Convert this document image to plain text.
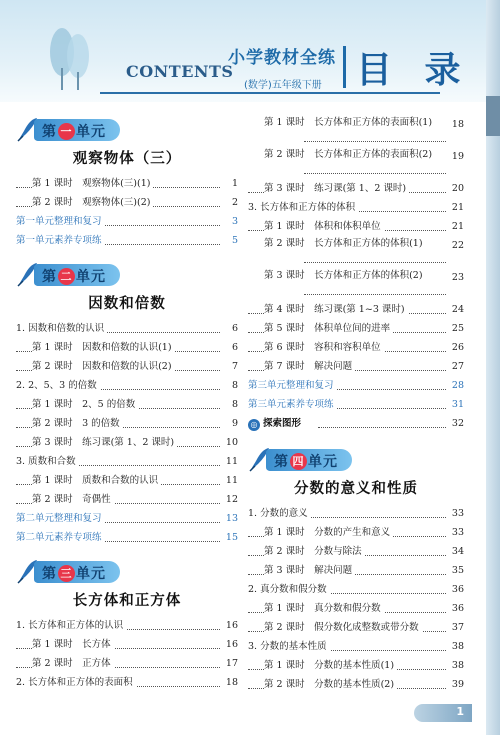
CONTENTS
小学教材全练
(数学)五年级下册 目 录
第 一 单元
观察物体（三）
第 1 课时　观察物体(三)(1)	1
第 2 课时　观察物体(三)(2)	2
第一单元整理和复习	3
第一单元素养专项练	5
第 二 单元
因数和倍数
1. 因数和倍数的认识	6
第 1 课时　因数和倍数的认识(1)	6
第 2 课时　因数和倍数的认识(2)	7
2. 2、5、3 的倍数	8
第 1 课时　2、5 的倍数	8
第 2 课时　3 的倍数	9
第 3 课时　练习课(第 1、2 课时)	10
3. 质数和合数	11
第 1 课时　质数和合数的认识	11
第 2 课时　奇偶性	12
第二单元整理和复习	13
第二单元素养专项练	15
第 三 单元
长方体和正方体
1. 长方体和正方体的认识	16
第 1 课时　长方体	16
第 2 课时　正方体	17
2. 长方体和正方体的表面积	18
第 1 课时　长方体和正方体的表面积(1)	18
第 2 课时　长方体和正方体的表面积(2)	19
第 3 课时　练习课(第 1、2 课时)	20
3. 长方体和正方体的体积	21
第 1 课时　体积和体积单位	21
第 2 课时　长方体和正方体的体积(1)	22
第 3 课时　长方体和正方体的体积(2)	23
第 4 课时　练习课(第 1~3 课时)	24
第 5 课时　体积单位间的进率	25
第 6 课时　容积和容积单位	26
第 7 课时　解决问题	27
第三单元整理和复习	28
第三单元素养专项练	31
◎ 探索图形	32
第 四 单元
分数的意义和性质
1. 分数的意义	33
第 1 课时　分数的产生和意义	33
第 2 课时　分数与除法	34
第 3 课时　解决问题	35
2. 真分数和假分数	36
第 1 课时　真分数和假分数	36
第 2 课时　假分数化成整数或带分数	37
3. 分数的基本性质	38
第 1 课时　分数的基本性质(1)	38
第 2 课时　分数的基本性质(2)	39
1
